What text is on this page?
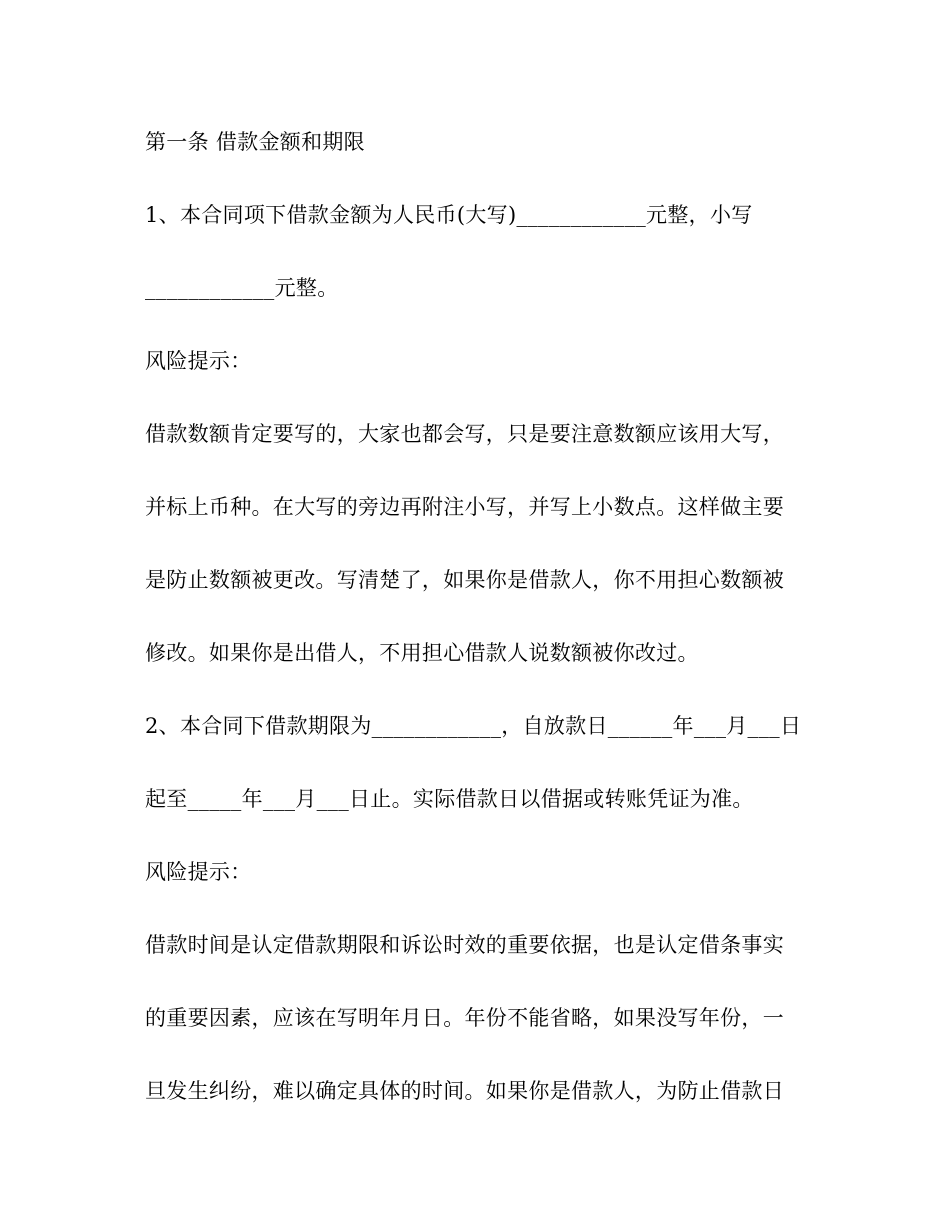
第一条 借款金额和期限
1、本合同项下借款金额为人民币(大写)____________元整，小写
____________元整。
风险提示：
借款数额肯定要写的，大家也都会写，只是要注意数额应该用大写，
并标上币种。在大写的旁边再附注小写，并写上小数点。这样做主要
是防止数额被更改。写清楚了，如果你是借款人，你不用担心数额被
修改。如果你是出借人，不用担心借款人说数额被你改过。
2、本合同下借款期限为____________，自放款日______年___月___日
起至_____年___月___日止。实际借款日以借据或转账凭证为准。
风险提示：
借款时间是认定借款期限和诉讼时效的重要依据，也是认定借条事实
的重要因素，应该在写明年月日。年份不能省略，如果没写年份，一
旦发生纠纷，难以确定具体的时间。如果你是借款人，为防止借款日
